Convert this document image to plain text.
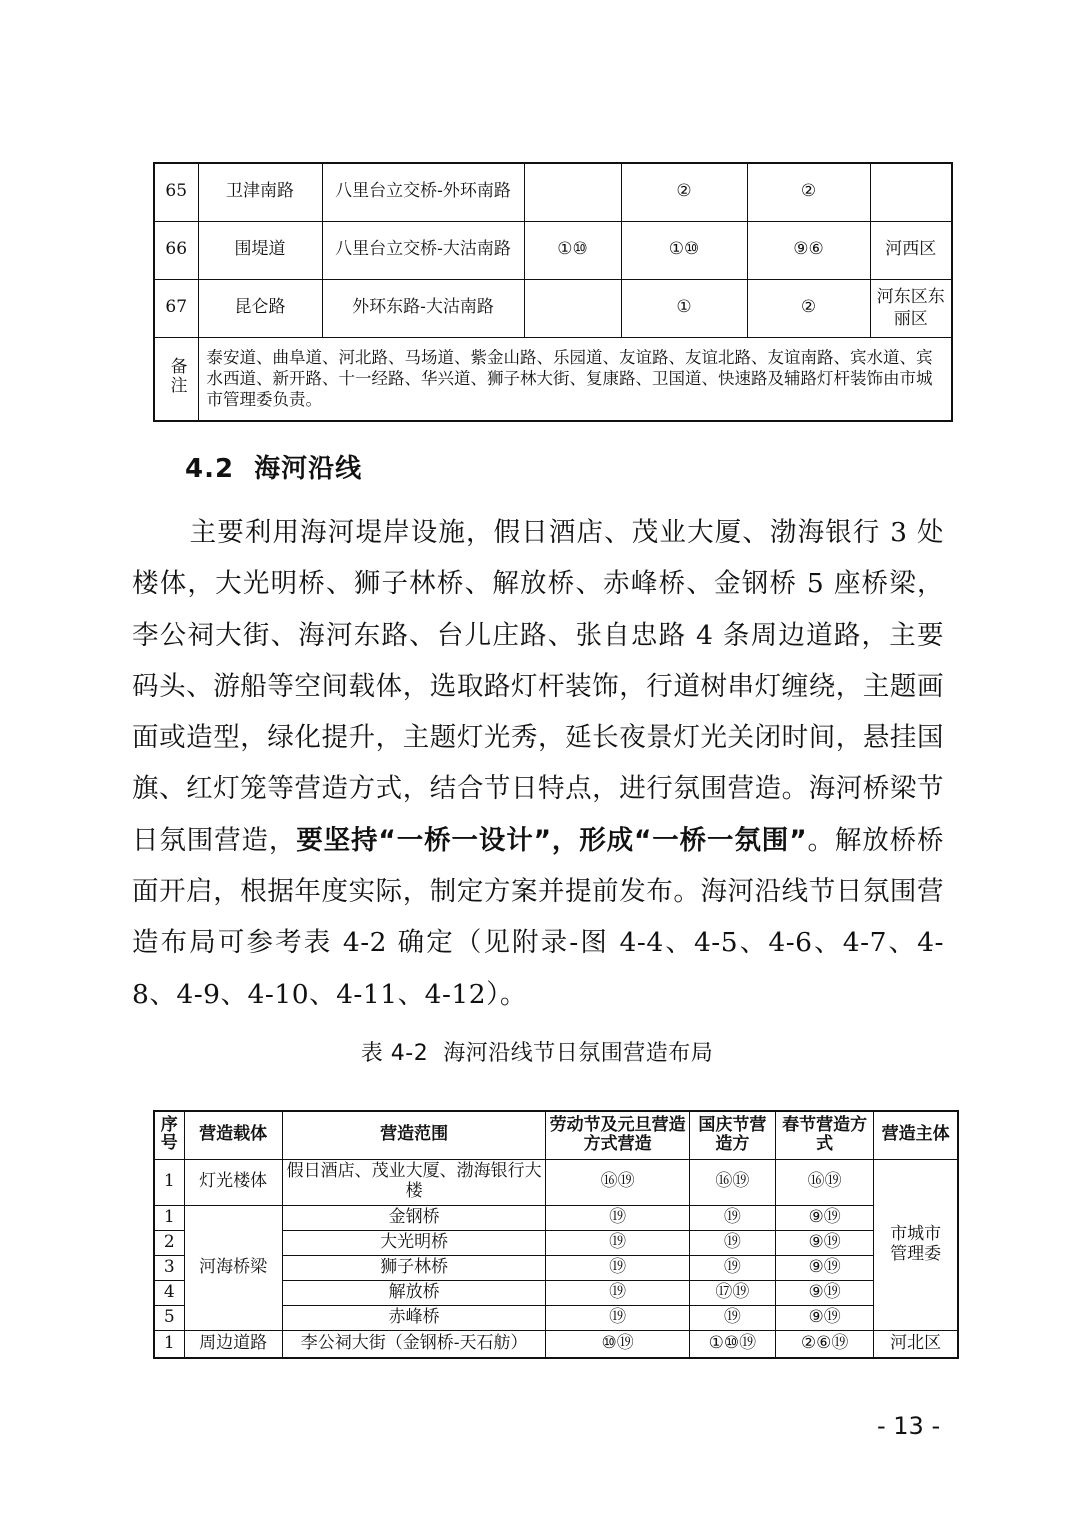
65	卫津南路	八里台立交桥-外环南路		②	②	
66	围堤道	八里台立交桥-大沽南路	①⑩	①⑩	⑨⑥	河西区
67	昆仑路	外环东路-大沽南路		①	②	河东区东丽区
备注	泰安道、曲阜道、河北路、马场道、紫金山路、乐园道、友谊路、友谊北路、友谊南路、宾水道、宾水西道、新开路、十一经路、华兴道、狮子林大街、复康路、卫国道、快速路及辅路灯杆装饰由市城市管理委负责。					
4.2  海河沿线
主要利用海河堤岸设施，假日酒店、茂业大厦、渤海银行 3 处楼体，大光明桥、狮子林桥、解放桥、赤峰桥、金钢桥 5 座桥梁，李公祠大街、海河东路、台儿庄路、张自忠路 4 条周边道路，主要码头、游船等空间载体，选取路灯杆装饰，行道树串灯缠绕，主题画面或造型，绿化提升，主题灯光秀，延长夜景灯光关闭时间，悬挂国旗、红灯笼等营造方式，结合节日特点，进行氛围营造。海河桥梁节日氛围营造，要坚持“一桥一设计”，形成“一桥一氛围”。解放桥桥面开启，根据年度实际，制定方案并提前发布。海河沿线节日氛围营造布局可参考表 4-2 确定（见附录-图 4-4、4-5、4-6、4-7、4-8、4-9、4-10、4-11、4-12）。
表 4-2  海河沿线节日氛围营造布局
序号	营造载体	营造范围	劳动节及元旦营造方式营造	国庆节营造方	春节营造方式	营造主体
1	灯光楼体	假日酒店、茂业大厦、渤海银行大楼	⑯⑲	⑯⑲	⑯⑲	市城市管理委
1	河海桥梁	金钢桥	⑲	⑲	⑨⑲	
2		大光明桥	⑲	⑲	⑨⑲	
3		狮子林桥	⑲	⑲	⑨⑲	
4		解放桥	⑲	⑰⑲	⑨⑲	
5		赤峰桥	⑲	⑲	⑨⑲	
1	周边道路	李公祠大街（金钢桥-天石舫）	⑩⑲	①⑩⑲	②⑥⑲	河北区
- 13 -
